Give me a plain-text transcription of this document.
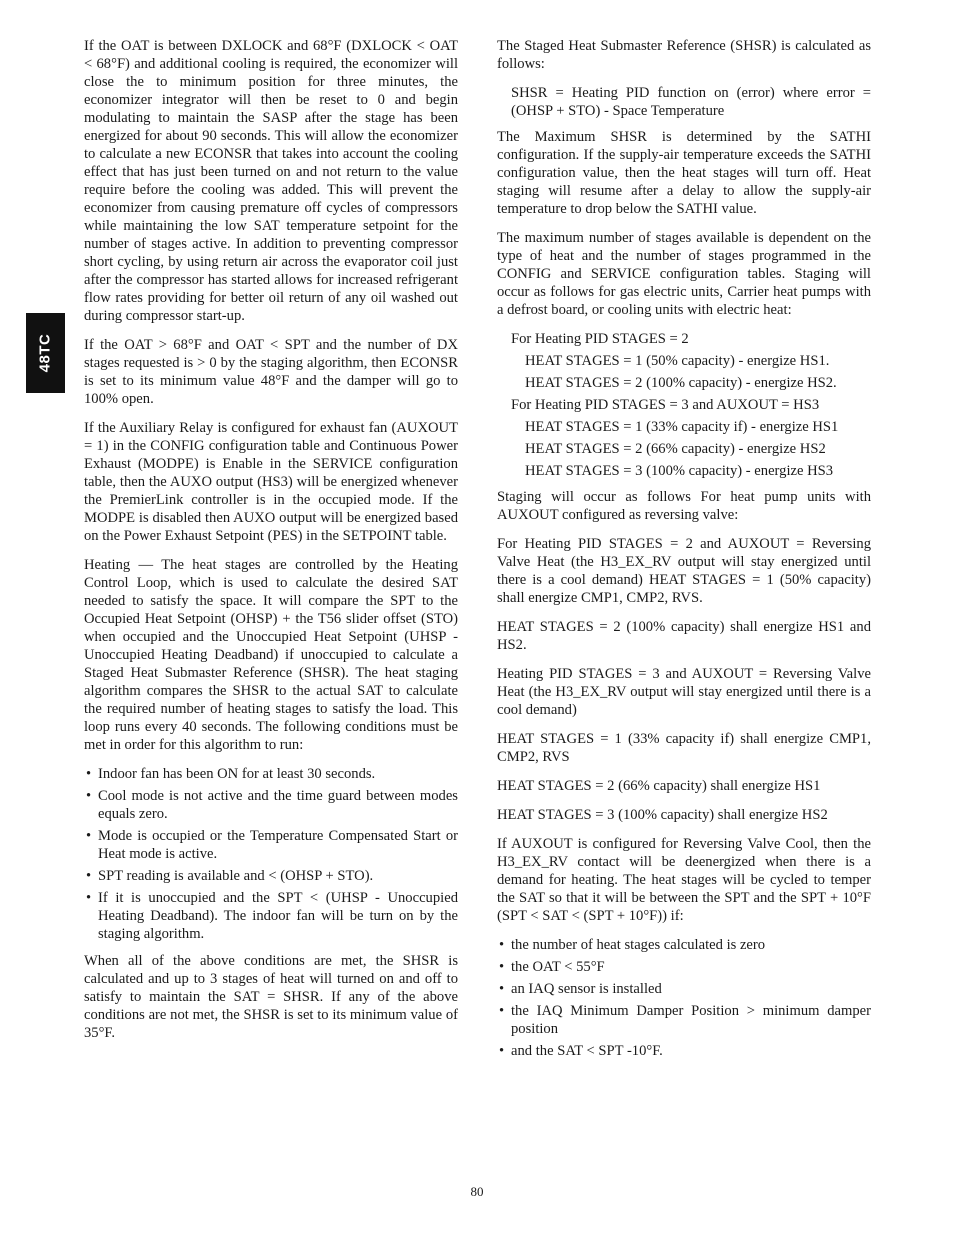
48TC

If the OAT is between DXLOCK and 68°F (DXLOCK < OAT < 68°F) and additional cooling is required, the economizer will close the to minimum position for three minutes, the economizer integrator will then be reset to 0 and begin modulating to maintain the SASP after the stage has been energized for about 90 seconds. This will allow the economizer to calculate a new ECONSR that takes into account the cooling effect that has just been turned on and not return to the value require before the cooling was added. This will prevent the economizer from causing premature off cycles of compressors while maintaining the low SAT temperature setpoint for the number of stages active. In addition to preventing compressor short cycling, by using return air across the evaporator coil just after the compressor has started allows for increased refrigerant flow rates providing for better oil return of any oil washed out during compressor start-up.

If the OAT > 68°F and OAT < SPT and the number of DX stages requested is > 0 by the staging algorithm, then ECONSR is set to its minimum value 48°F and the damper will go to 100% open.

If the Auxiliary Relay is configured for exhaust fan (AUXOUT = 1) in the CONFIG configuration table and Continuous Power Exhaust (MODPE) is Enable in the SERVICE configuration table, then the AUXO output (HS3) will be energized whenever the PremierLink controller is in the occupied mode. If the MODPE is disabled then AUXO output will be energized based on the Power Exhaust Setpoint (PES) in the SETPOINT table.

Heating — The heat stages are controlled by the Heating Control Loop, which is used to calculate the desired SAT needed to satisfy the space. It will compare the SPT to the Occupied Heat Setpoint (OHSP) + the T56 slider offset (STO) when occupied and the Unoccupied Heat Setpoint (UHSP - Unoccupied Heating Deadband) if unoccupied to calculate a Staged Heat Submaster Reference (SHSR). The heat staging algorithm compares the SHSR to the actual SAT to calculate the required number of heating stages to satisfy the load. This loop runs every 40 seconds. The following conditions must be met in order for this algorithm to run:

• Indoor fan has been ON for at least 30 seconds.
• Cool mode is not active and the time guard between modes equals zero.
• Mode is occupied or the Temperature Compensated Start or Heat mode is active.
• SPT reading is available and < (OHSP + STO).
• If it is unoccupied and the SPT < (UHSP - Unoccupied Heating Deadband). The indoor fan will be turn on by the staging algorithm.

When all of the above conditions are met, the SHSR is calculated and up to 3 stages of heat will turned on and off to satisfy to maintain the SAT = SHSR. If any of the above conditions are not met, the SHSR is set to its minimum value of 35°F.

The Staged Heat Submaster Reference (SHSR) is calculated as follows:

SHSR = Heating PID function on (error) where error = (OHSP + STO) - Space Temperature

The Maximum SHSR is determined by the SATHI configuration. If the supply-air temperature exceeds the SATHI configuration value, then the heat stages will turn off. Heat staging will resume after a delay to allow the supply-air temperature to drop below the SATHI value.

The maximum number of stages available is dependent on the type of heat and the number of stages programmed in the CONFIG and SERVICE configuration tables. Staging will occur as follows for gas electric units, Carrier heat pumps with a defrost board, or cooling units with electric heat:

For Heating PID STAGES = 2
HEAT STAGES = 1 (50% capacity) - energize HS1.
HEAT STAGES = 2 (100% capacity) - energize HS2.
For Heating PID STAGES = 3 and AUXOUT = HS3
HEAT STAGES = 1 (33% capacity if) - energize HS1
HEAT STAGES = 2 (66% capacity) - energize HS2
HEAT STAGES = 3 (100% capacity) - energize HS3

Staging will occur as follows For heat pump units with AUXOUT configured as reversing valve:

For Heating PID STAGES = 2 and AUXOUT = Reversing Valve Heat (the H3_EX_RV output will stay energized until there is a cool demand) HEAT STAGES = 1 (50% capacity) shall energize CMP1, CMP2, RVS.

HEAT STAGES = 2 (100% capacity) shall energize HS1 and HS2.

Heating PID STAGES = 3 and AUXOUT = Reversing Valve Heat (the H3_EX_RV output will stay energized until there is a cool demand)

HEAT STAGES = 1 (33% capacity if) shall energize CMP1, CMP2, RVS

HEAT STAGES = 2 (66% capacity) shall energize HS1

HEAT STAGES = 3 (100% capacity) shall energize HS2

If AUXOUT is configured for Reversing Valve Cool, then the H3_EX_RV contact will be deenergized when there is a demand for heating. The heat stages will be cycled to temper the SAT so that it will be between the SPT and the SPT + 10°F (SPT < SAT < (SPT + 10°F)) if:

• the number of heat stages calculated is zero
• the OAT < 55°F
• an IAQ sensor is installed
• the IAQ Minimum Damper Position > minimum damper position
• and the SAT < SPT -10°F.
80
